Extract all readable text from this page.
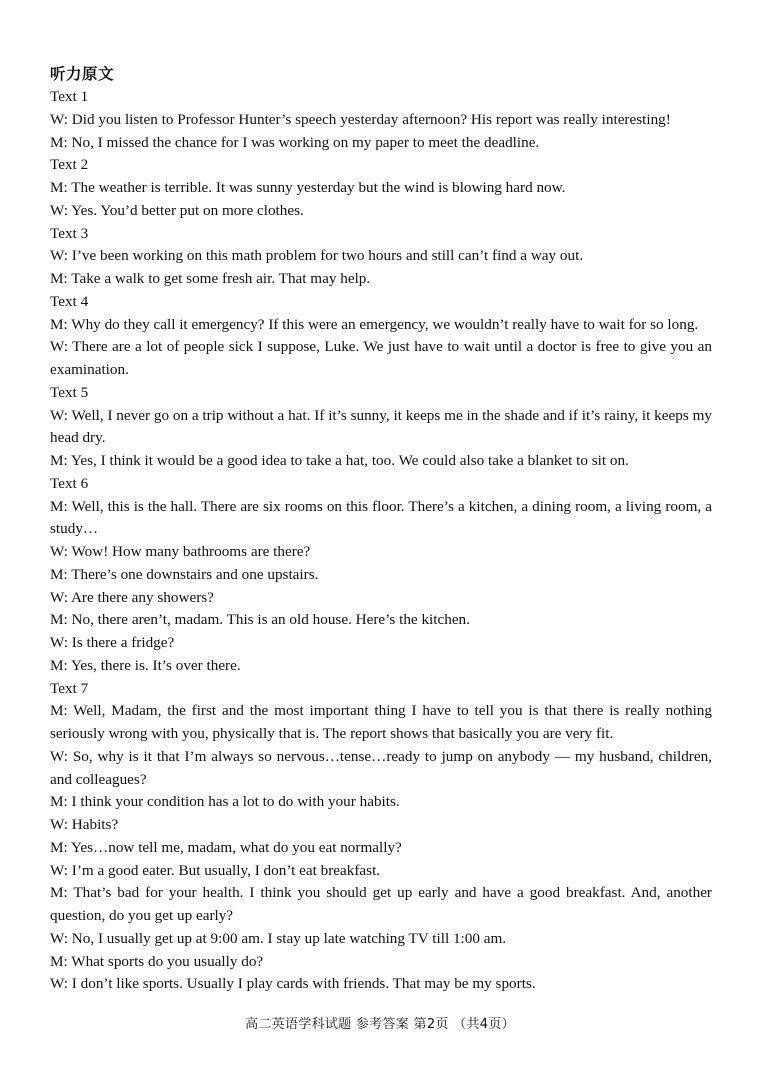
听力原文

Text 1

W: Did you listen to Professor Hunter’s speech yesterday afternoon? His report was really interesting!

M: No, I missed the chance for I was working on my paper to meet the deadline.

Text 2

M: The weather is terrible. It was sunny yesterday but the wind is blowing hard now.

W: Yes. You’d better put on more clothes.

Text 3

W: I’ve been working on this math problem for two hours and still can’t find a way out.

M: Take a walk to get some fresh air. That may help.

Text 4

M: Why do they call it emergency? If this were an emergency, we wouldn’t really have to wait for so long.

W: There are a lot of people sick I suppose, Luke. We just have to wait until a doctor is free to give you an examination.

Text 5

W: Well, I never go on a trip without a hat. If it’s sunny, it keeps me in the shade and if it’s rainy, it keeps my head dry.

M: Yes, I think it would be a good idea to take a hat, too. We could also take a blanket to sit on.

Text 6

M: Well, this is the hall. There are six rooms on this floor. There’s a kitchen, a dining room, a living room, a study…

W: Wow! How many bathrooms are there?

M: There’s one downstairs and one upstairs.

W: Are there any showers?

M: No, there aren’t, madam. This is an old house. Here’s the kitchen.

W: Is there a fridge?

M: Yes, there is. It’s over there.

Text 7

M: Well, Madam, the first and the most important thing I have to tell you is that there is really nothing seriously wrong with you, physically that is. The report shows that basically you are very fit.

W: So, why is it that I’m always so nervous…tense…ready to jump on anybody — my husband, children, and colleagues?

M: I think your condition has a lot to do with your habits.

W: Habits?

M: Yes…now tell me, madam, what do you eat normally?

W: I’m a good eater. But usually, I don’t eat breakfast.

M: That’s bad for your health. I think you should get up early and have a good breakfast. And, another question, do you get up early?

W: No, I usually get up at 9:00 am. I stay up late watching TV till 1:00 am.

M: What sports do you usually do?

W: I don’t like sports. Usually I play cards with friends. That may be my sports.

高二英语学科试题 参考答案 第2页 （共4页）
